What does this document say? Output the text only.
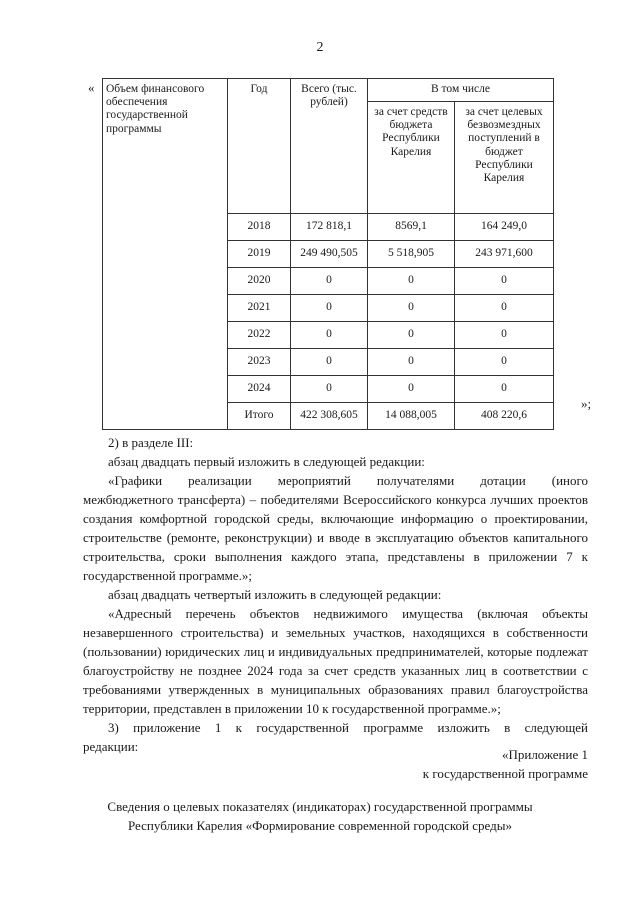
2
« Объем финансового обеспечения государственной программы	Год	Всего (тыс. рублей)	В том числе	
			за счет средств бюджета Республики Карелия	за счет целевых безвозмездных поступлений в бюджет Республики Карелия
	2018	172 818,1	8569,1	164 249,0
	2019	249 490,505	5 518,905	243 971,600
	2020	0	0	0
	2021	0	0	0
	2022	0	0	0
	2023	0	0	0
	2024	0	0	0
	Итого	422 308,605	14 088,005	408 220,6
»;

2) в разделе III:

абзац двадцать первый изложить в следующей редакции:

«Графики реализации мероприятий получателями дотации (иного

межбюджетного трансферта) – победителями Всероссийского конкурса лучших проектов создания комфортной городской среды, включающие информацию о проектировании, строительстве (ремонте, реконструкции) и вводе в эксплуатацию объектов капитального строительства, сроки выполнения каждого этапа, представлены в приложении 7 к государственной программе.»;

абзац двадцать четвертый изложить в следующей редакции:

«Адресный перечень объектов недвижимого имущества (включая объекты

незавершенного строительства) и земельных участков, находящихся в собственности (пользовании) юридических лиц и индивидуальных предпринимателей, которые подлежат благоустройству не позднее 2024 года за счет средств указанных лиц в соответствии с требованиями утвержденных в муниципальных образованиях правил благоустройства территории, представлен в приложении 10 к государственной программе.»;

3) приложение 1 к государственной программе изложить в следующей

редакции:

«Приложение 1
к государственной программе
Сведения о целевых показателях (индикаторах) государственной программы
Республики Карелия «Формирование современной городской среды»
